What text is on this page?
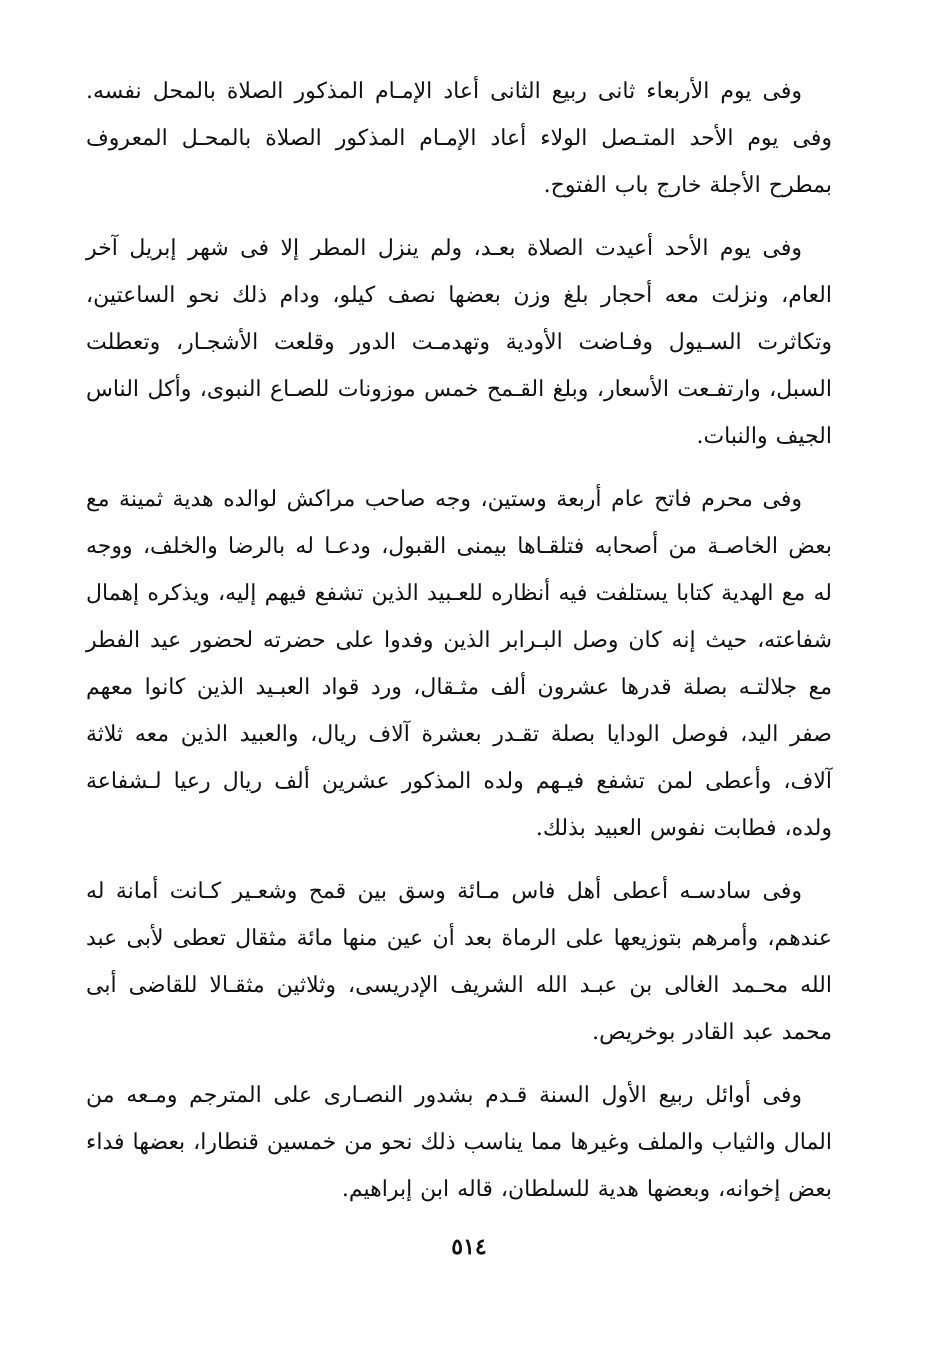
وفى يوم الأربعاء ثانى ربيع الثانى أعاد الإمـام المذكور الصلاة بالمحل نفسه. وفى يوم الأحد المتـصل الولاء أعاد الإمـام المذكور الصلاة بالمحـل المعروف بمطرح الأجلة خارج باب الفتوح.

وفى يوم الأحد أعيدت الصلاة بعـد، ولم ينزل المطر إلا فى شهر إبريل آخر العام، ونزلت معه أحجار بلغ وزن بعضها نصف كيلو، ودام ذلك نحو الساعتين، وتكاثرت السـيول وفـاضت الأودية وتهدمـت الدور وقلعت الأشجـار، وتعطلت السبل، وارتفـعت الأسعار، وبلغ القـمح خمس موزونات للصـاع النبوى، وأكل الناس الجيف والنبات.

وفى محرم فاتح عام أربعة وستين، وجه صاحب مراكش لوالده هدية ثمينة مع بعض الخاصـة من أصحابه فتلقـاها بيمنى القبول، ودعـا له بالرضا والخلف، ووجه له مع الهدية كتابا يستلفت فيه أنظاره للعـبيد الذين تشفع فيهم إليه، ويذكره إهمال شفاعته، حيث إنه كان وصل البـرابر الذين وفدوا على حضرته لحضور عيد الفطر مع جلالتـه بصلة قدرها عشرون ألف مثـقال، ورد قواد العبـيد الذين كانوا معهم صفر اليد، فوصل الودايا بصلة تقـدر بعشرة آلاف ريال، والعبيد الذين معه ثلاثة آلاف، وأعطى لمن تشفع فيـهم ولده المذكور عشرين ألف ريال رعيا لـشفاعة ولده، فطابت نفوس العبيد بذلك.

وفى سادسـه أعطى أهل فاس مـائة وسق بين قمح وشعـير كـانت أمانة له عندهم، وأمرهم بتوزيعها على الرماة بعد أن عين منها مائة مثقال تعطى لأبى عبد الله محـمد الغالى بن عبـد الله الشريف الإدريسى، وثلاثين مثقـالا للقاضى أبى محمد عبد القادر بوخريص.

وفى أوائل ربيع الأول السنة قـدم بشدور النصـارى على المترجم ومـعه من المال والثياب والملف وغيرها مما يناسب ذلك نحو من خمسين قنطارا، بعضها فداء بعض إخوانه، وبعضها هدية للسلطان، قاله ابن إبراهيم.

٥١٤
